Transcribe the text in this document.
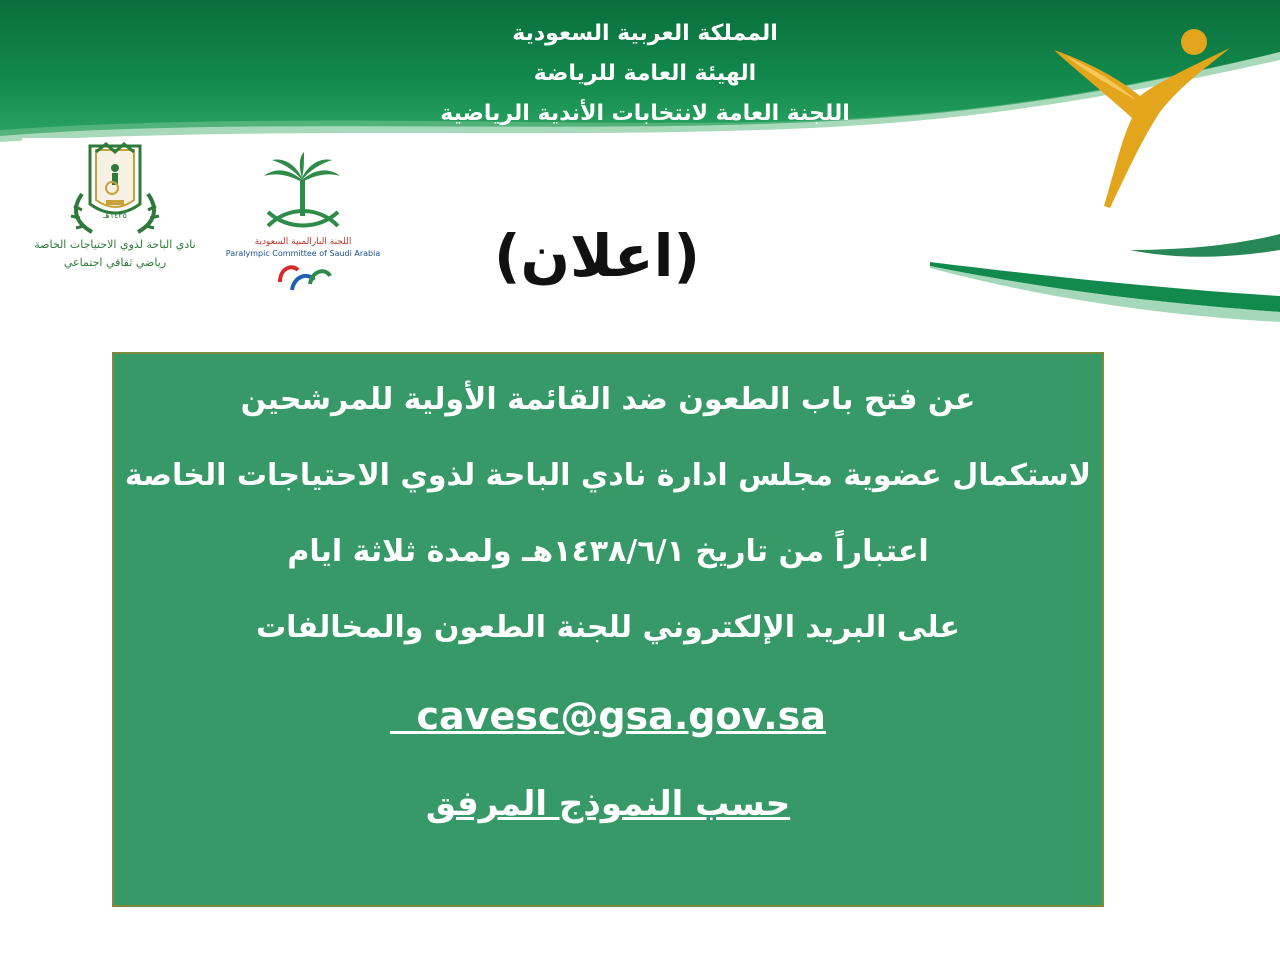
المملكة العربية السعودية
الهيئة العامة للرياضة
اللجنة العامة لانتخابات الأندية الرياضية
١٤٣٥هـ
نادي الباحة لذوي الاحتياجات الخاصة
رياضي ثقافي اجتماعي
اللجنة البارالمبية السعودية
Paralympic Committee of Saudi Arabia (اعلان)
عن فتح باب الطعون ضد القائمة الأولية للمرشحين
لاستكمال عضوية مجلس ادارة نادي الباحة لذوي الاحتياجات الخاصة
اعتباراً من تاريخ ١٤٣٨/٦/١هـ ولمدة ثلاثة ايام
على البريد الإلكتروني للجنة الطعون والمخالفات
cavesc@gsa.gov.sa
حسب النموذج المرفق
